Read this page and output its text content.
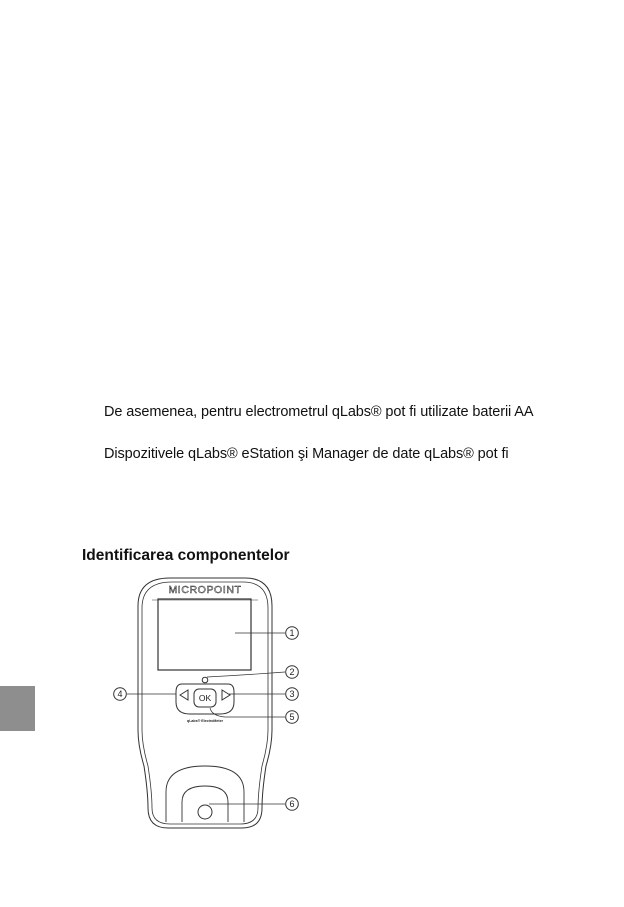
De asemenea, pentru electrometrul qLabs® pot fi utilizate baterii AA
Dispozitivele qLabs® eStation şi Manager de date qLabs® pot fi
Identificarea componentelor
MICROPOINT
OK
qLabs® ElectroMeter
1
2
3
4
5
6
